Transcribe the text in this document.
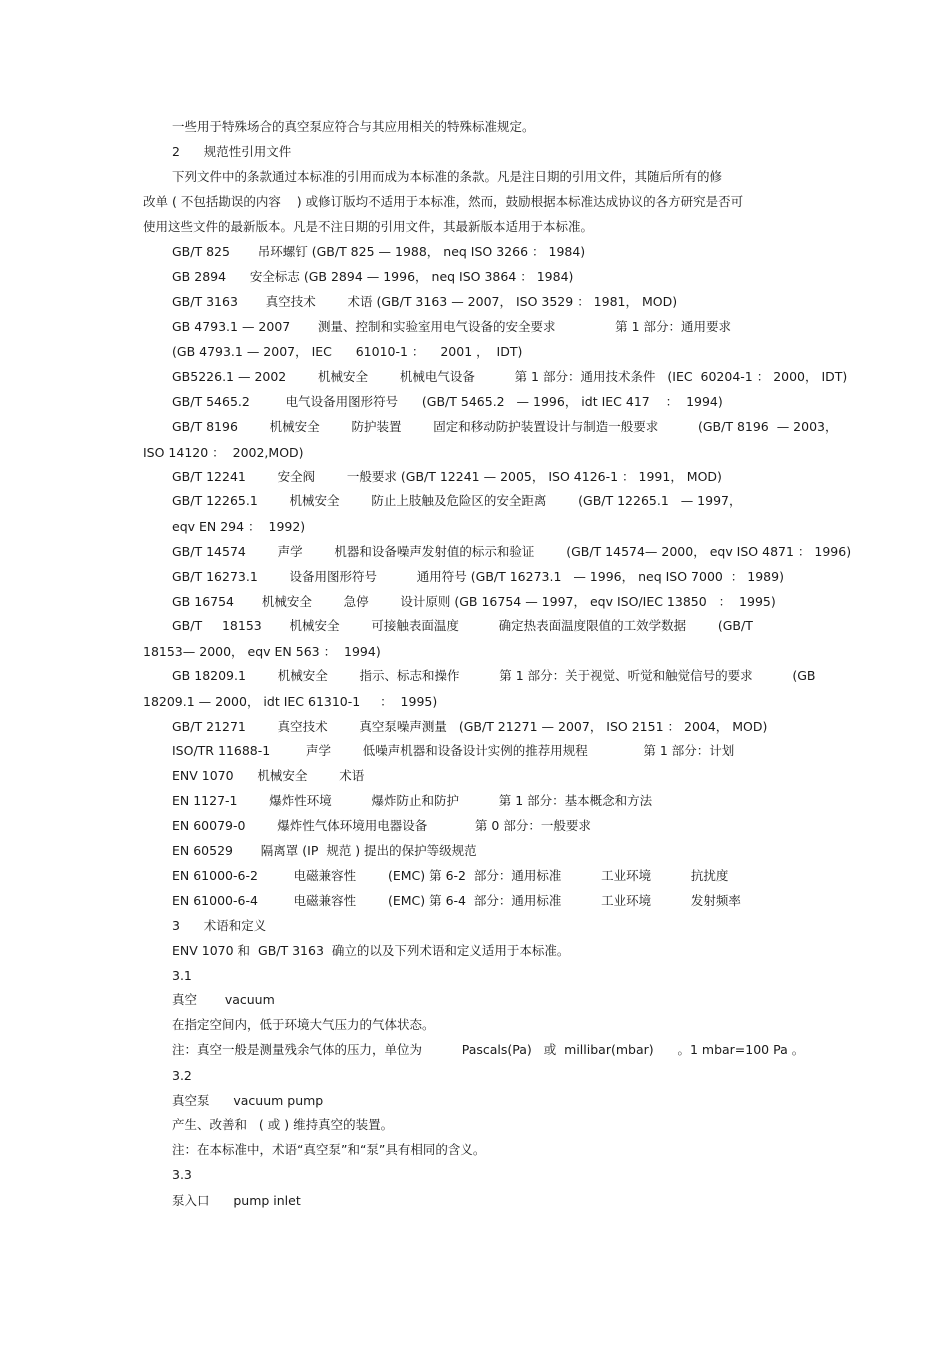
一些用于特殊场合的真空泵应符合与其应用相关的特殊标准规定。
2      规范性引用文件
下列文件中的条款通过本标准的引用而成为本标准的条款。凡是注日期的引用文件，其随后所有的修
改单 ( 不包括勘误的内容    ) 或修订版均不适用于本标准，然而，鼓励根据本标准达成协议的各方研究是否可
使用这些文件的最新版本。凡是不注日期的引用文件，其最新版本适用于本标准。
GB/T 825       吊环螺钉 (GB/T 825 — 1988， neq ISO 3266 ： 1984)
GB 2894      安全标志 (GB 2894 — 1996， neq ISO 3864 ： 1984)
GB/T 3163       真空技术        术语 (GB/T 3163 — 2007， ISO 3529 ： 1981， MOD)
GB 4793.1 — 2007       测量、控制和实验室用电气设备的安全要求               第 1 部分：通用要求
(GB 4793.1 — 2007， IEC      61010-1 ：    2001 ，  IDT)
GB5226.1 — 2002        机械安全        机械电气设备          第 1 部分：通用技术条件   (IEC  60204-1 ： 2000， IDT)
GB/T 5465.2         电气设备用图形符号      (GB/T 5465.2   — 1996， idt IEC 417    ：  1994)
GB/T 8196        机械安全        防护装置        固定和移动防护装置设计与制造一般要求          (GB/T 8196  — 2003，
ISO 14120 ：  2002,MOD)
GB/T 12241        安全阀        一般要求 (GB/T 12241 — 2005， ISO 4126-1 ： 1991， MOD)
GB/T 12265.1        机械安全        防止上肢触及危险区的安全距离        (GB/T 12265.1   — 1997，
eqv EN 294 ：  1992)
GB/T 14574        声学        机器和设备噪声发射值的标示和验证        (GB/T 14574— 2000， eqv ISO 4871 ： 1996)
GB/T 16273.1        设备用图形符号          通用符号 (GB/T 16273.1   — 1996， neq ISO 7000  ： 1989)
GB 16754       机械安全        急停        设计原则 (GB 16754 — 1997， eqv ISO/IEC 13850   ：  1995)
GB/T     18153       机械安全        可接触表面温度          确定热表面温度限值的工效学数据        (GB/T
18153— 2000， eqv EN 563 ：  1994)
GB 18209.1        机械安全        指示、标志和操作          第 1 部分：关于视觉、听觉和触觉信号的要求          (GB
18209.1 — 2000， idt IEC 61310-1     ：  1995)
GB/T 21271        真空技术        真空泵噪声测量   (GB/T 21271 — 2007， ISO 2151 ： 2004， MOD)
ISO/TR 11688-1         声学        低噪声机器和设备设计实例的推荐用规程              第 1 部分：计划
ENV 1070      机械安全        术语
EN 1127-1        爆炸性环境          爆炸防止和防护          第 1 部分：基本概念和方法
EN 60079-0        爆炸性气体环境用电器设备            第 0 部分：一般要求
EN 60529       隔离罩 (IP  规范 ) 提出的保护等级规范
EN 61000-6-2         电磁兼容性        (EMC) 第 6-2  部分：通用标准          工业环境          抗扰度
EN 61000-6-4         电磁兼容性        (EMC) 第 6-4  部分：通用标准          工业环境          发射频率
3      术语和定义
ENV 1070 和  GB/T 3163  确立的以及下列术语和定义适用于本标准。
3.1
真空       vacuum
在指定空间内，低于环境大气压力的气体状态。
注：真空一般是测量残余气体的压力，单位为          Pascals(Pa)   或  millibar(mbar)      。1 mbar=100 Pa 。
3.2
真空泵      vacuum pump
产生、改善和   ( 或 ) 维持真空的装置。
注：在本标准中，术语“真空泵”和“泵”具有相同的含义。
3.3
泵入口      pump inlet
